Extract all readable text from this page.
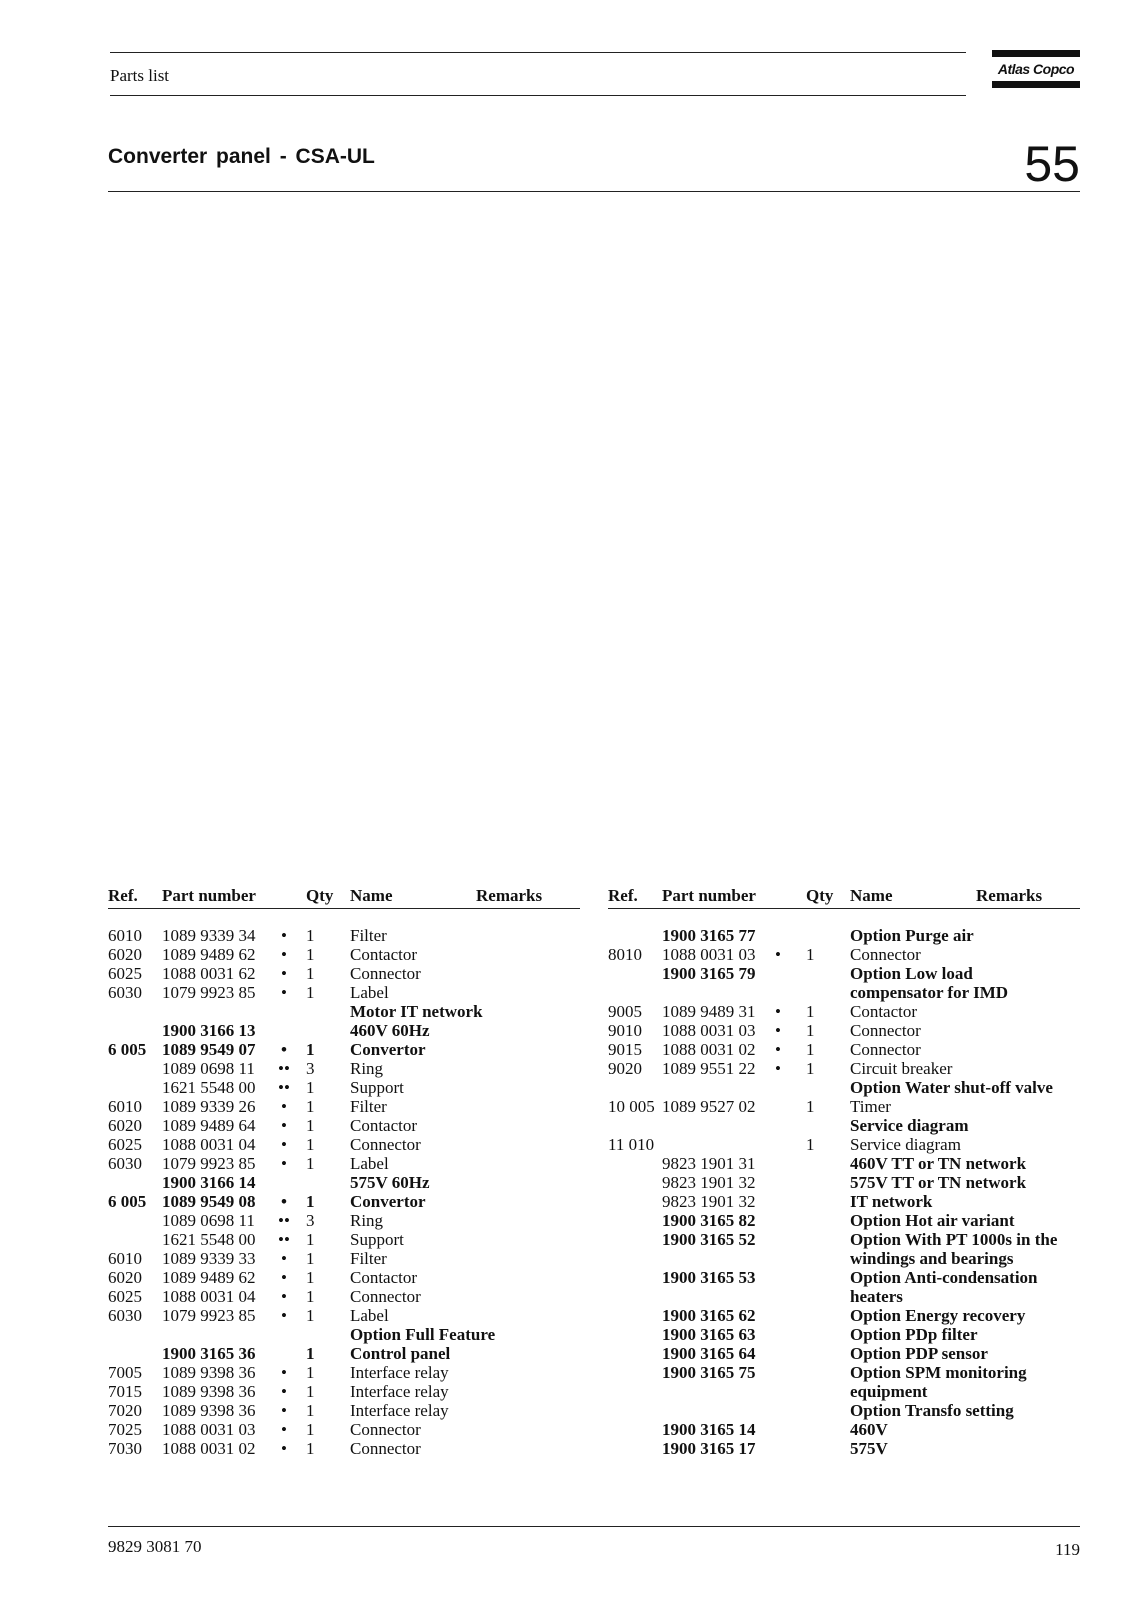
Parts list	Atlas Copco
Converter panel - CSA-UL	55
Ref. Part number	Qty Name	Remarks
6010 1089 9339 34	•	1 Filter
6020 1089 9489 62	•	1 Contactor
6025 1088 0031 62	•	1 Connector
6030 1079 9923 85	•	1 Label
Motor IT network
1900 3166 13	460V 60Hz
6 005 1089 9549 07	•	1 Convertor
1089 0698 11	•• 3 Ring
1621 5548 00	•• 1 Support
6010 1089 9339 26	•	1 Filter
6020 1089 9489 64	•	1 Contactor
6025 1088 0031 04	•	1 Connector
6030 1079 9923 85	•	1 Label
1900 3166 14	575V 60Hz
6 005 1089 9549 08	•	1 Convertor
1089 0698 11	•• 3 Ring
1621 5548 00	•• 1 Support
6010 1089 9339 33	•	1 Filter
6020 1089 9489 62	•	1 Contactor
6025 1088 0031 04	•	1 Connector
6030 1079 9923 85	•	1 Label
Option Full Feature
1900 3165 36	1 Control panel
7005 1089 9398 36	•	1 Interface relay
7015 1089 9398 36	•	1 Interface relay
7020 1089 9398 36	•	1 Interface relay
7025 1088 0031 03	•	1 Connector
7030 1088 0031 02	•	1 Connector
Ref. Part number	Qty Name	Remarks
1900 3165 77	Option Purge air
8010 1088 0031 03	•	1 Connector
1900 3165 79	Option Low load
compensator for IMD
9005 1089 9489 31	•	1 Contactor
9010 1088 0031 03	•	1 Connector
9015 1088 0031 02	•	1 Connector
9020 1089 9551 22	•	1 Circuit breaker
Option Water shut-off valve
10 005 1089 9527 02	1 Timer
Service diagram
11 010	1 Service diagram
9823 1901 31	460V TT or TN network
9823 1901 32	575V TT or TN network
9823 1901 32	IT network
1900 3165 82	Option Hot air variant
1900 3165 52	Option With PT 1000s in the
windings and bearings
1900 3165 53	Option Anti-condensation
heaters
1900 3165 62	Option Energy recovery
1900 3165 63	Option PDp filter
1900 3165 64	Option PDP sensor
1900 3165 75	Option SPM monitoring
equipment
Option Transfo setting
1900 3165 14	460V
1900 3165 17	575V
9829 3081 70	119
